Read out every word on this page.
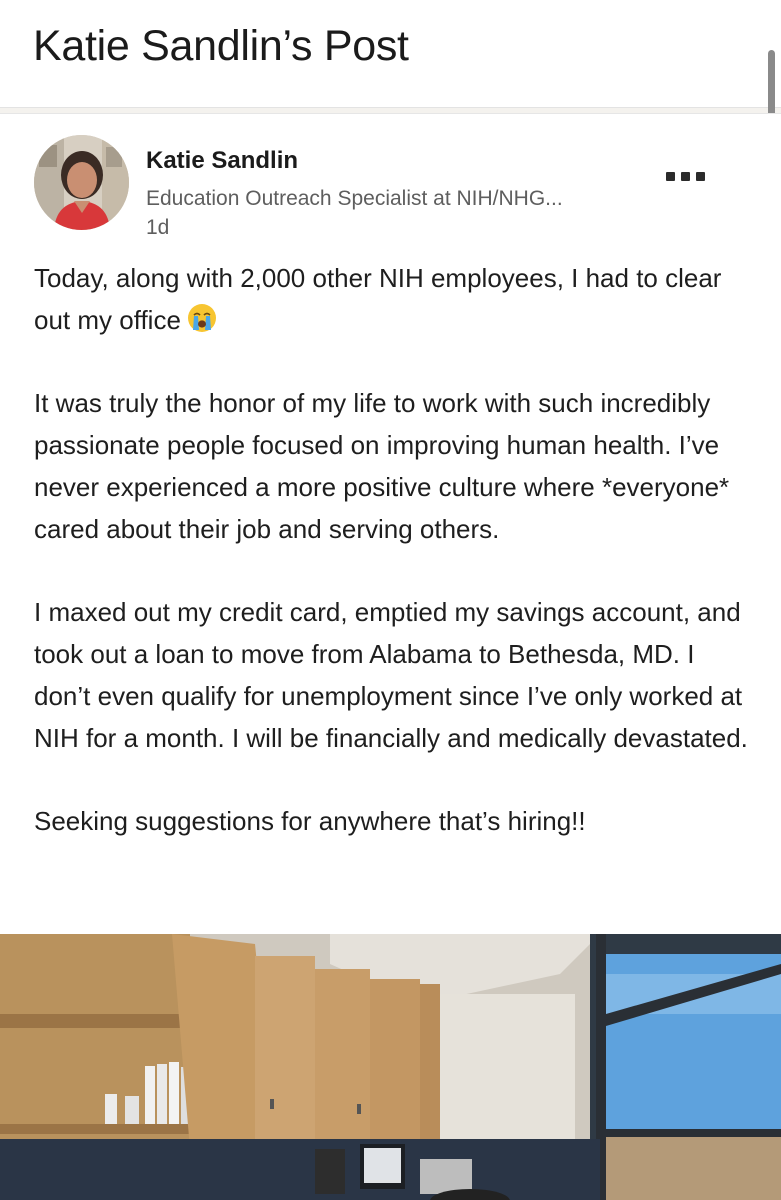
Katie Sandlin’s Post
Katie Sandlin
Education Outreach Specialist at NIH/NHG...
1d

Today, along with 2,000 other NIH employees, I had to clear out my office

It was truly the honor of my life to work with such incredibly passionate people focused on improving human health. I’ve never experienced a more positive culture where *everyone* cared about their job and serving others.

I maxed out my credit card, emptied my savings account, and took out a loan to move from Alabama to Bethesda, MD. I don’t even qualify for unemployment since I’ve only worked at NIH for a month. I will be financially and medically devastated.

Seeking suggestions for anywhere that’s hiring!!
